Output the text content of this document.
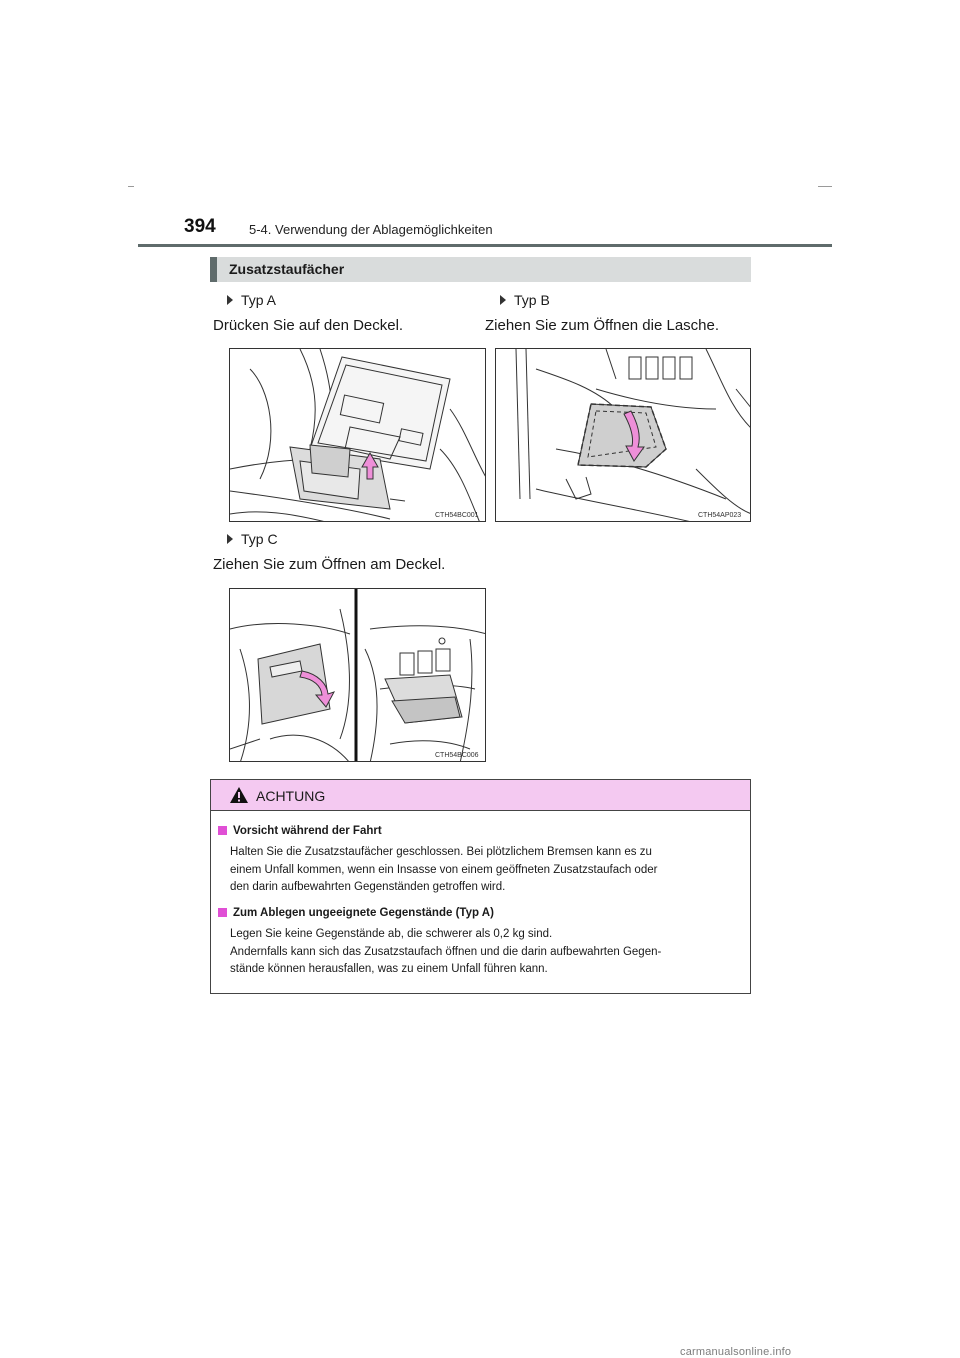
394	5-4. Verwendung der Ablagemöglichkeiten
Zusatzstaufächer
Typ A
Drücken Sie auf den Deckel.
Typ B
Ziehen Sie zum Öffnen die Lasche.
CTH54BC001	CTH54AP023
Typ C
Ziehen Sie zum Öffnen am Deckel.
CTH54BC006
ACHTUNG
Vorsicht während der Fahrt
Halten Sie die Zusatzstaufächer geschlossen. Bei plötzlichem Bremsen kann es zu
einem Unfall kommen, wenn ein Insasse von einem geöffneten Zusatzstaufach oder
den darin aufbewahrten Gegenständen getroffen wird.
Zum Ablegen ungeeignete Gegenstände (Typ A)
Legen Sie keine Gegenstände ab, die schwerer als 0,2 kg sind.
Andernfalls kann sich das Zusatzstaufach öffnen und die darin aufbewahrten Gegen-
stände können herausfallen, was zu einem Unfall führen kann.
carmanualsonline.info
